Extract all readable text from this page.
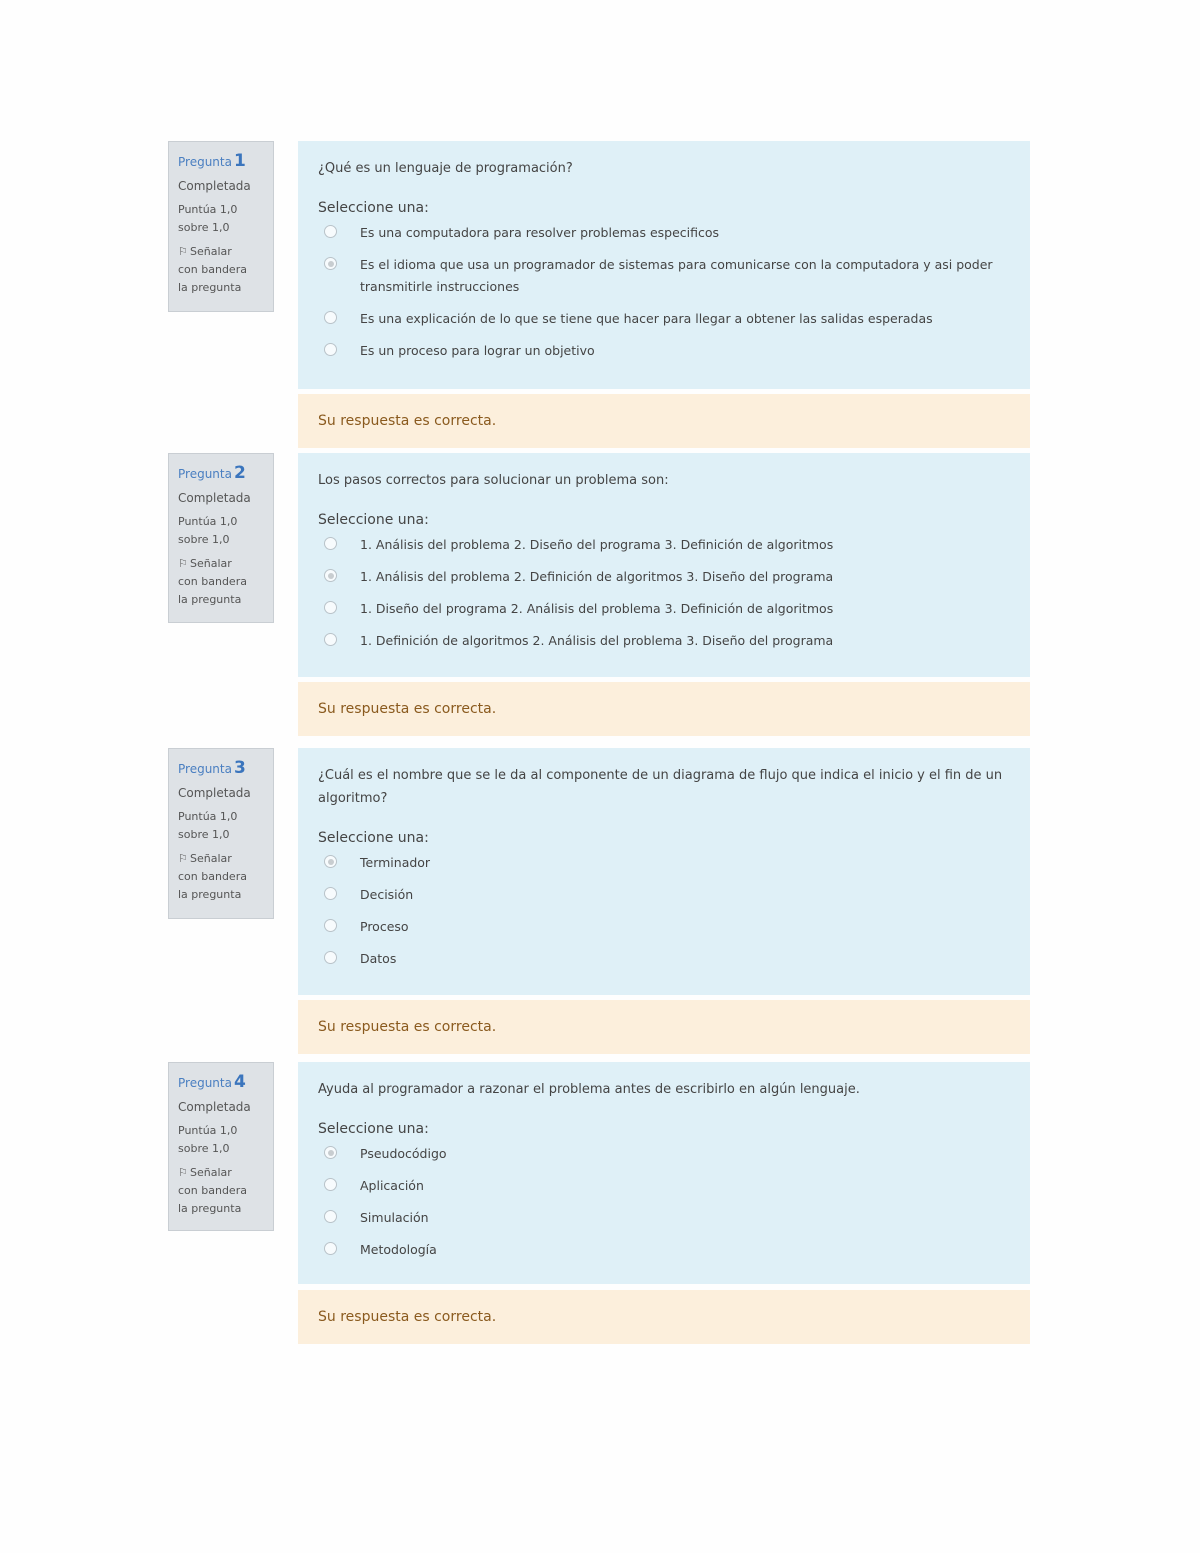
Pregunta 1
Completada
Puntúa 1,0
sobre 1,0
⚐ Señalar
con bandera
la pregunta
¿Qué es un lenguaje de programación?
Seleccione una:
Es una computadora para resolver problemas especificos
Es el idioma que usa un programador de sistemas para comunicarse con la computadora y asi poder transmitirle instrucciones
Es una explicación de lo que se tiene que hacer para llegar a obtener las salidas esperadas
Es un proceso para lograr un objetivo
Su respuesta es correcta.
Pregunta 2
Completada
Puntúa 1,0
sobre 1,0
⚐ Señalar
con bandera
la pregunta
Los pasos correctos para solucionar un problema son:
Seleccione una:
1. Análisis del problema 2. Diseño del programa 3. Definición de algoritmos
1. Análisis del problema 2. Definición de algoritmos 3. Diseño del programa
1. Diseño del programa 2. Análisis del problema 3. Definición de algoritmos
1. Definición de algoritmos 2. Análisis del problema 3. Diseño del programa
Su respuesta es correcta.
Pregunta 3
Completada
Puntúa 1,0
sobre 1,0
⚐ Señalar
con bandera
la pregunta
¿Cuál es el nombre que se le da al componente de un diagrama de flujo que indica el inicio y el fin de un algoritmo?
Seleccione una:
Terminador
Decisión
Proceso
Datos
Su respuesta es correcta.
Pregunta 4
Completada
Puntúa 1,0
sobre 1,0
⚐ Señalar
con bandera
la pregunta
Ayuda al programador a razonar el problema antes de escribirlo en algún lenguaje.
Seleccione una:
Pseudocódigo
Aplicación
Simulación
Metodología
Su respuesta es correcta.
